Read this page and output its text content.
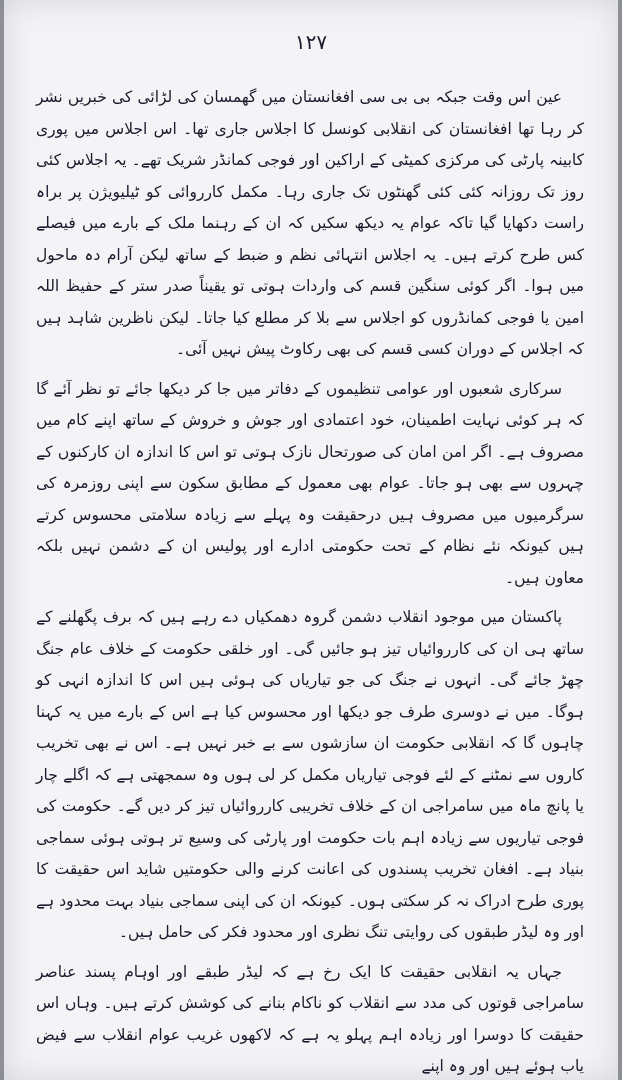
۱۲۷

عین اس وقت جبکہ بی بی سی افغانستان میں گھمسان کی لڑائی کی خبریں نشر کر رہا تھا افغانستان کی انقلابی کونسل کا اجلاس جاری تھا۔ اس اجلاس میں پوری کابینہ پارٹی کی مرکزی کمیٹی کے اراکین اور فوجی کمانڈر شریک تھے۔ یہ اجلاس کئی روز تک روزانہ کئی کئی گھنٹوں تک جاری رہا۔ مکمل کارروائی کو ٹیلیویژن پر براہ راست دکھایا گیا تاکہ عوام یہ دیکھ سکیں کہ ان کے رہنما ملک کے بارے میں فیصلے کس طرح کرتے ہیں۔ یہ اجلاس انتہائی نظم و ضبط کے ساتھ لیکن آرام دہ ماحول میں ہوا۔ اگر کوئی سنگین قسم کی واردات ہوتی تو یقیناً صدر ستر کے حفیظ اللہ امین یا فوجی کمانڈروں کو اجلاس سے بلا کر مطلع کیا جاتا۔ لیکن ناظرین شاہد ہیں کہ اجلاس کے دوران کسی قسم کی بھی رکاوٹ پیش نہیں آئی۔

سرکاری شعبوں اور عوامی تنظیموں کے دفاتر میں جا کر دیکھا جائے تو نظر آئے گا کہ ہر کوئی نہایت اطمینان، خود اعتمادی اور جوش و خروش کے ساتھ اپنے کام میں مصروف ہے۔ اگر امن امان کی صورتحال نازک ہوتی تو اس کا اندازہ ان کارکنوں کے چہروں سے بھی ہو جاتا۔ عوام بھی معمول کے مطابق سکون سے اپنی روزمرہ کی سرگرمیوں میں مصروف ہیں درحقیقت وہ پہلے سے زیادہ سلامتی محسوس کرتے ہیں کیونکہ نئے نظام کے تحت حکومتی ادارے اور پولیس ان کے دشمن نہیں بلکہ معاون ہیں۔

پاکستان میں موجود انقلاب دشمن گروہ دھمکیاں دے رہے ہیں کہ برف پگھلنے کے ساتھ ہی ان کی کارروائیاں تیز ہو جائیں گی۔ اور خلقی حکومت کے خلاف عام جنگ چھڑ جائے گی۔ انہوں نے جنگ کی جو تیاریاں کی ہوئی ہیں اس کا اندازہ انہی کو ہوگا۔ میں نے دوسری طرف جو دیکھا اور محسوس کیا ہے اس کے بارے میں یہ کہنا چاہوں گا کہ انقلابی حکومت ان سازشوں سے بے خبر نہیں ہے۔ اس نے بھی تخریب کاروں سے نمٹنے کے لئے فوجی تیاریاں مکمل کر لی ہوں وہ سمجھتی ہے کہ اگلے چار یا پانچ ماہ میں سامراجی ان کے خلاف تخریبی کارروائیاں تیز کر دیں گے۔ حکومت کی فوجی تیاریوں سے زیادہ اہم بات حکومت اور پارٹی کی وسیع تر ہوتی ہوئی سماجی بنیاد ہے۔ افغان تخریب پسندوں کی اعانت کرنے والی حکومتیں شاید اس حقیقت کا پوری طرح ادراک نہ کر سکتی ہوں۔ کیونکہ ان کی اپنی سماجی بنیاد بہت محدود ہے اور وہ لیڈر طبقوں کی روایتی تنگ نظری اور محدود فکر کی حامل ہیں۔

جہاں یہ انقلابی حقیقت کا ایک رخ ہے کہ لیڈر طبقے اور اوہام پسند عناصر سامراجی قوتوں کی مدد سے انقلاب کو ناکام بنانے کی کوشش کرتے ہیں۔ وہاں اس حقیقت کا دوسرا اور زیادہ اہم پہلو یہ ہے کہ لاکھوں غریب عوام انقلاب سے فیض یاب ہوئے ہیں اور وہ اپنے
